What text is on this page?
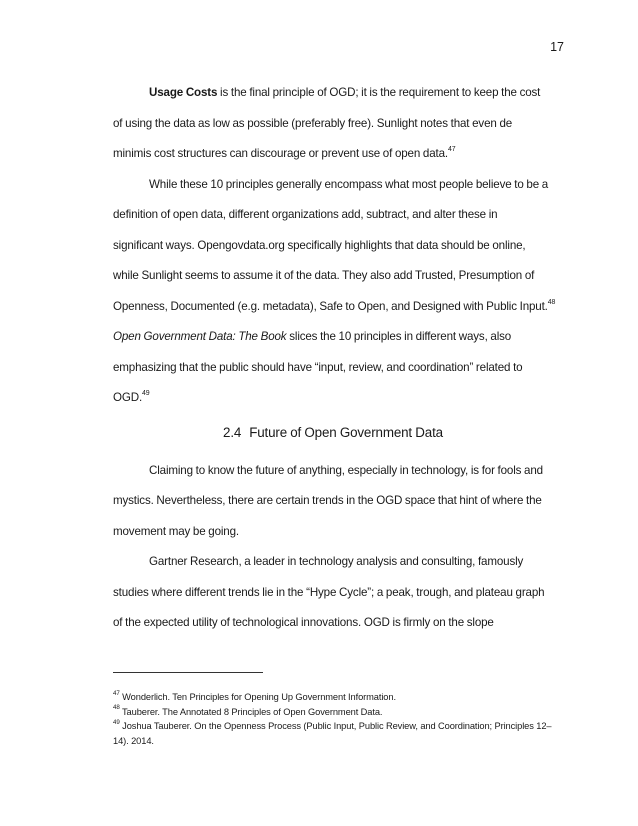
17
Usage Costs is the final principle of OGD; it is the requirement to keep the cost
of using the data as low as possible (preferably free). Sunlight notes that even de
minimis cost structures can discourage or prevent use of open data.$^{47}$
While these 10 principles generally encompass what most people believe to be a
definition of open data, different organizations add, subtract, and alter these in
significant ways. Opengovdata.org specifically highlights that data should be online,
while Sunlight seems to assume it of the data. They also add Trusted, Presumption of
Openness, Documented (e.g. metadata), Safe to Open, and Designed with Public Input.$^{48}$
Open Government Data: The Book slices the 10 principles in different ways, also
emphasizing that the public should have “input, review, and coordination” related to
OGD.$^{49}$
2.4 Future of Open Government Data
Claiming to know the future of anything, especially in technology, is for fools and
mystics. Nevertheless, there are certain trends in the OGD space that hint of where the
movement may be going.
Gartner Research, a leader in technology analysis and consulting, famously
studies where different trends lie in the “Hype Cycle”; a peak, trough, and plateau graph
of the expected utility of technological innovations. OGD is firmly on the slope

$^{47}$ Wonderlich. Ten Principles for Opening Up Government Information.

$^{48}$ Tauberer. The Annotated 8 Principles of Open Government Data.

$^{49}$ Joshua Tauberer. On the Openness Process (Public Input, Public Review, and Coordination; Principles 12–14). 2014.
